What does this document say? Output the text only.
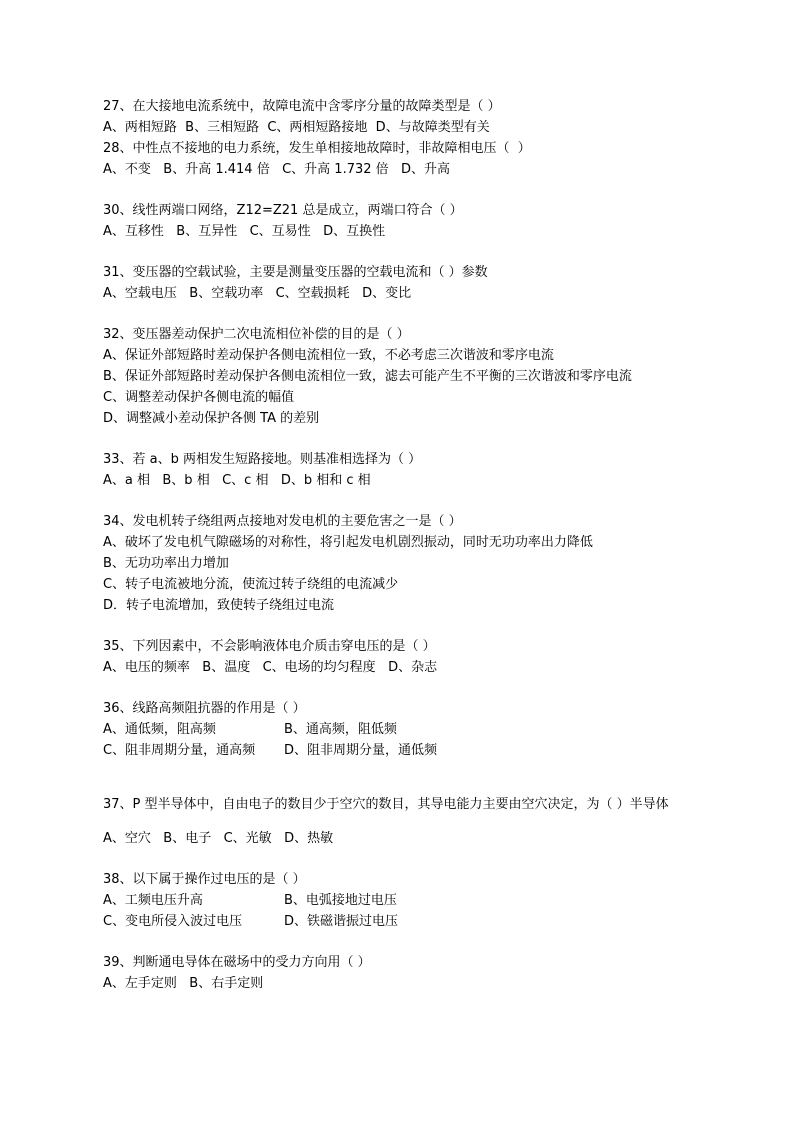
27、在大接地电流系统中，故障电流中含零序分量的故障类型是（ ）

A、两相短路  B、三相短路  C、两相短路接地  D、与故障类型有关

28、中性点不接地的电力系统，发生单相接地故障时，非故障相电压（  ）

A、不变   B、升高 1.414 倍   C、升高 1.732 倍   D、升高

30、线性两端口网络，Z12=Z21 总是成立，两端口符合（ ）

A、互移性   B、互异性   C、互易性   D、互换性

31、变压器的空载试验，主要是测量变压器的空载电流和（ ）参数

A、空载电压   B、空载功率   C、空载损耗   D、变比

32、变压器差动保护二次电流相位补偿的目的是（ ）

A、保证外部短路时差动保护各侧电流相位一致，不必考虑三次谐波和零序电流

B、保证外部短路时差动保护各侧电流相位一致，滤去可能产生不平衡的三次谐波和零序电流

C、调整差动保护各侧电流的幅值

D、调整减小差动保护各侧 TA 的差别

33、若 a、b 两相发生短路接地。则基准相选择为（ ）

A、a 相   B、b 相   C、c 相   D、b 相和 c 相

34、发电机转子绕组两点接地对发电机的主要危害之一是（ ）

A、破坏了发电机气隙磁场的对称性，将引起发电机剧烈振动，同时无功功率出力降低

B、无功功率出力增加

C、转子电流被地分流，使流过转子绕组的电流减少

D．转子电流增加，致使转子绕组过电流

35、下列因素中，不会影响液体电介质击穿电压的是（ ）

A、电压的频率   B、温度   C、电场的均匀程度   D、杂志

36、线路高频阻抗器的作用是（ ）

A、通低频，阻高频	B、通高频，阻低频
C、阻非周期分量，通高频	D、阻非周期分量，通低频

37、P 型半导体中，自由电子的数目少于空穴的数目，其导电能力主要由空穴决定，为（ ）半导体

A、空穴   B、电子   C、光敏   D、热敏

38、以下属于操作过电压的是（ ）

A、工频电压升高	B、电弧接地过电压
C、变电所侵入波过电压	D、铁磁谐振过电压

39、判断通电导体在磁场中的受力方向用（ ）

A、左手定则   B、右手定则
